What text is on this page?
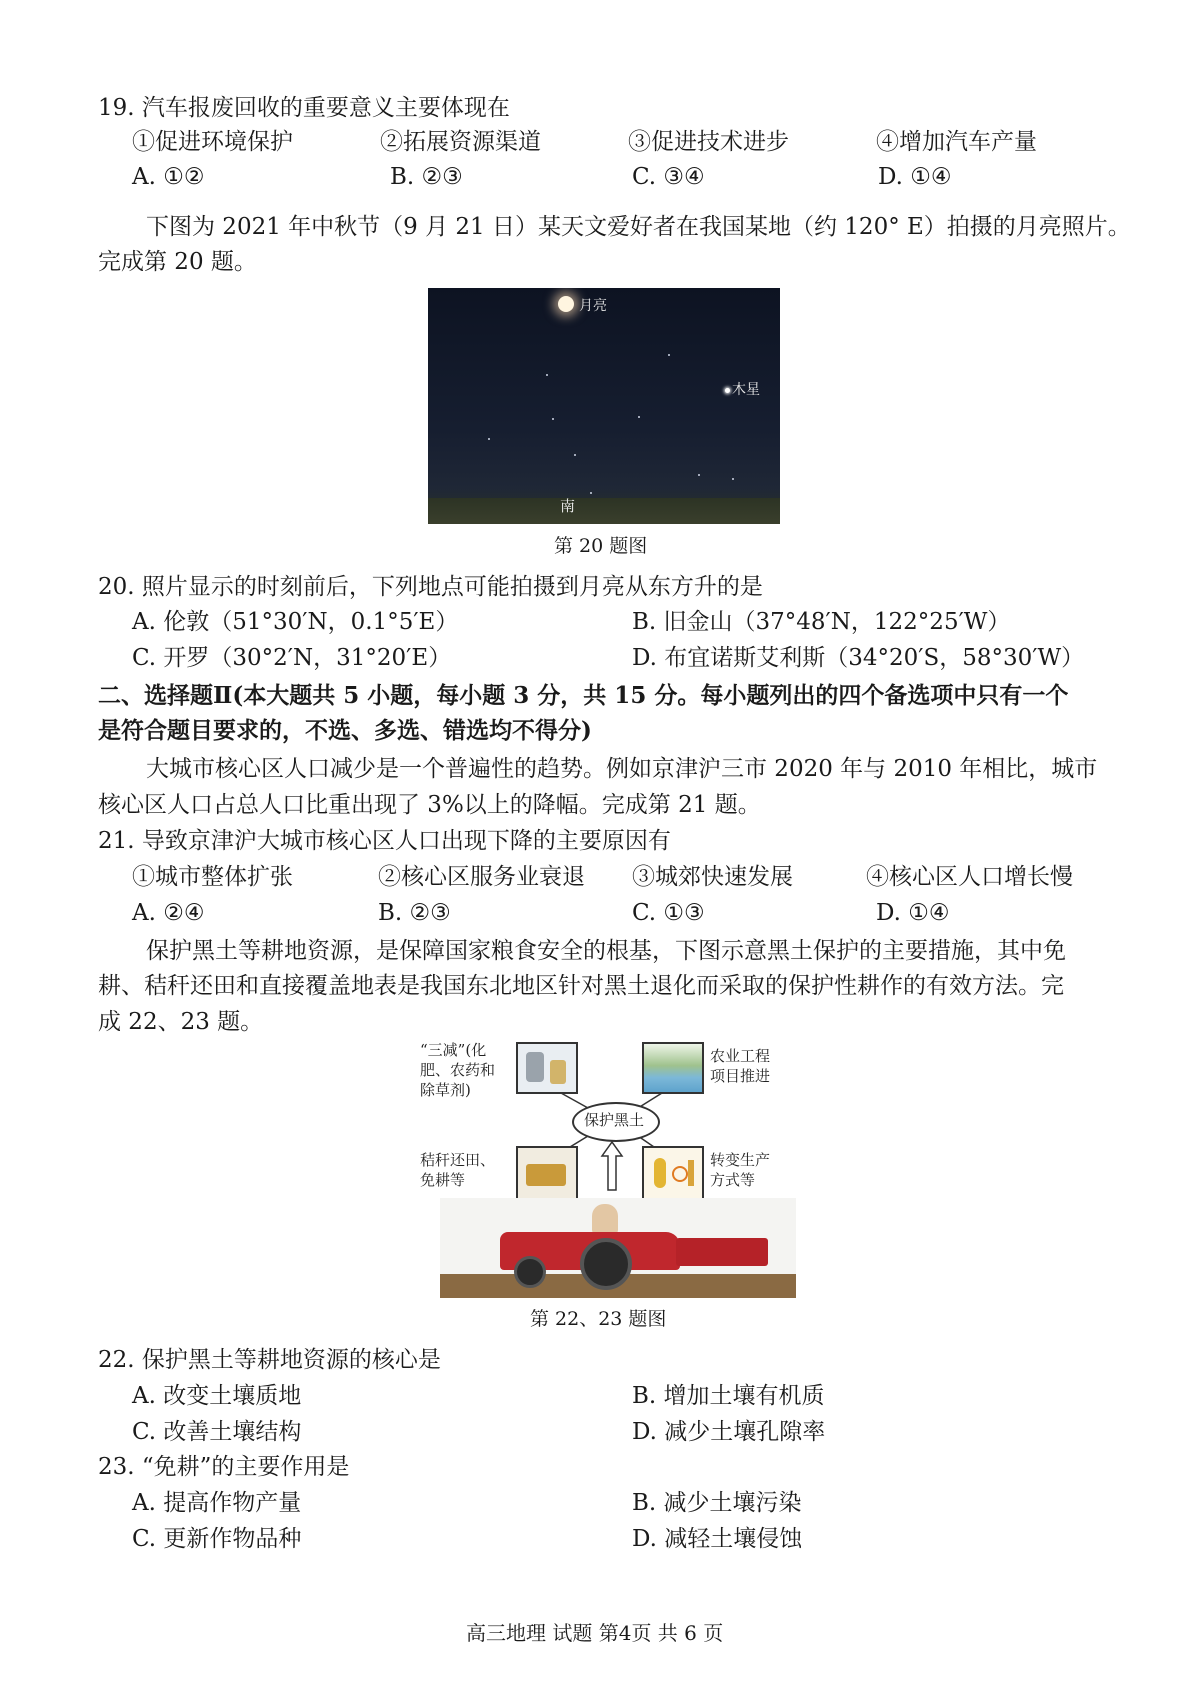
19. 汽车报废回收的重要意义主要体现在
①促进环境保护	②拓展资源渠道	③促进技术进步	④增加汽车产量
A. ①②	B. ②③	C. ③④	D. ①④
下图为 2021 年中秋节（9 月 21 日）某天文爱好者在我国某地（约 120° E）拍摄的月亮照片。
完成第 20 题。
月亮
木星
南
第 20 题图
20. 照片显示的时刻前后，下列地点可能拍摄到月亮从东方升的是
A. 伦敦（51°30′N，0.1°5′E）	B. 旧金山（37°48′N，122°25′W）
C. 开罗（30°2′N，31°20′E）	D. 布宜诺斯艾利斯（34°20′S，58°30′W）
二、选择题Ⅱ(本大题共 5 小题，每小题 3 分，共 15 分。每小题列出的四个备选项中只有一个
是符合题目要求的，不选、多选、错选均不得分)
大城市核心区人口减少是一个普遍性的趋势。例如京津沪三市 2020 年与 2010 年相比，城市
核心区人口占总人口比重出现了 3%以上的降幅。完成第 21 题。
21. 导致京津沪大城市核心区人口出现下降的主要原因有
①城市整体扩张	②核心区服务业衰退 ③城郊快速发展	④核心区人口增长慢
A. ②④	B. ②③	C. ①③	D. ①④
保护黑土等耕地资源，是保障国家粮食安全的根基，下图示意黑土保护的主要措施，其中免
耕、秸秆还田和直接覆盖地表是我国东北地区针对黑土退化而采取的保护性耕作的有效方法。完
成 22、23 题。
保护黑土
“三减”(化
肥、农药和
除草剂)
农业工程
项目推进
秸秆还田、
免耕等
转变生产
方式等
第 22、23 题图
22. 保护黑土等耕地资源的核心是
A. 改变土壤质地	B. 增加土壤有机质
C. 改善土壤结构	D. 减少土壤孔隙率
23. “免耕”的主要作用是
A. 提高作物产量	B. 减少土壤污染
C. 更新作物品种	D. 减轻土壤侵蚀
高三地理 试题 第4页 共 6 页
